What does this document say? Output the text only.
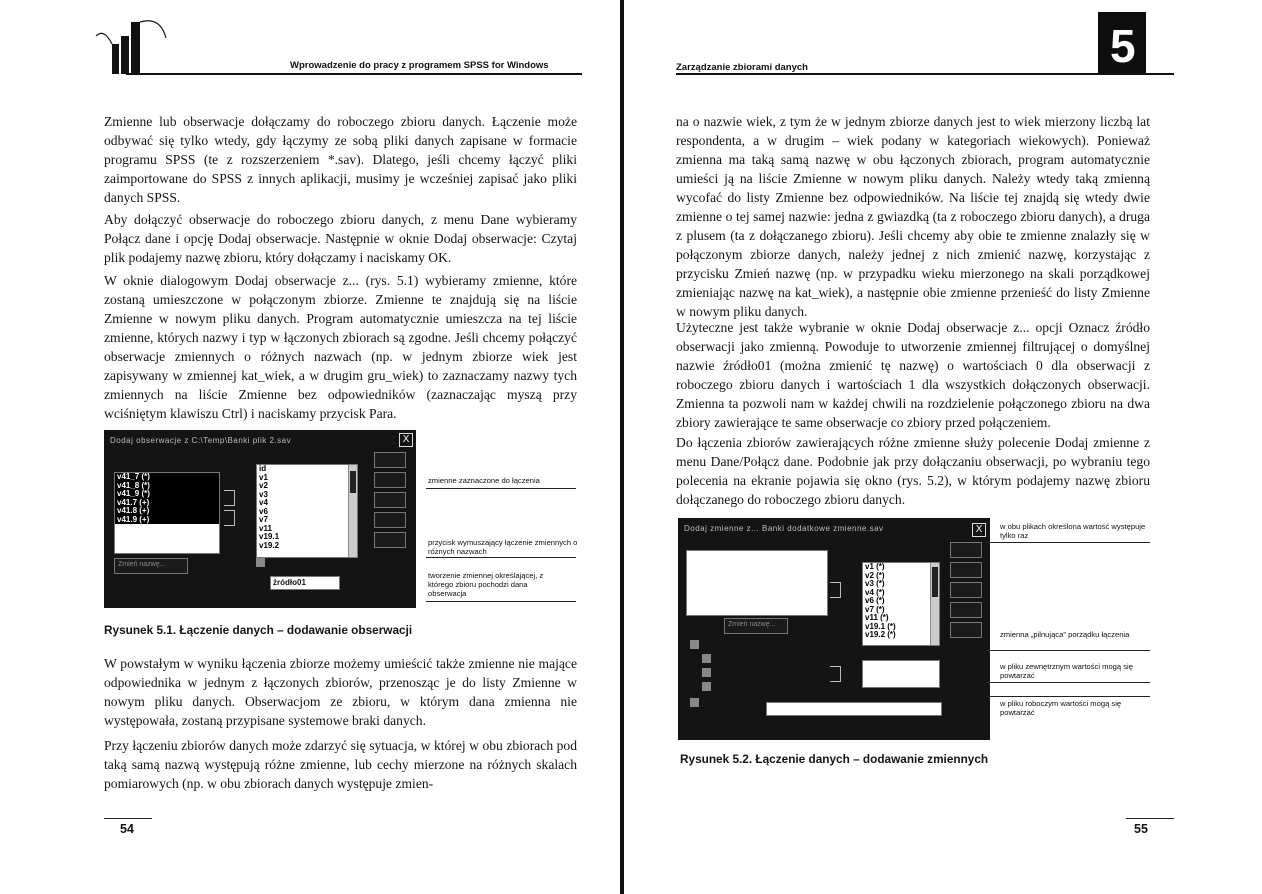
Wprowadzenie do pracy z programem SPSS for Windows

Zmienne lub obserwacje dołączamy do roboczego zbioru danych. Łączenie może odbywać się tylko wtedy, gdy łączymy ze sobą pliki danych zapisane w formacie programu SPSS (te z rozszerzeniem *.sav). Dlatego, jeśli chcemy łączyć pliki zaimportowane do SPSS z innych aplikacji, musimy je wcześniej zapisać jako pliki danych SPSS.

Aby dołączyć obserwacje do roboczego zbioru danych, z menu Dane wybieramy Połącz dane i opcję Dodaj obserwacje. Następnie w oknie Dodaj obserwacje: Czytaj plik podajemy nazwę zbioru, który dołączamy i naciskamy OK.

W oknie dialogowym Dodaj obserwacje z... (rys. 5.1) wybieramy zmienne, które zostaną umieszczone w połączonym zbiorze. Zmienne te znajdują się na liście Zmienne w nowym pliku danych. Program automatycznie umieszcza na tej liście zmienne, których nazwy i typ w łączonych zbiorach są zgodne. Jeśli chcemy połączyć obserwacje zmiennych o różnych nazwach (np. w jednym zbiorze wiek jest zapisywany w zmiennej kat_wiek, a w drugim gru_wiek) to zaznaczamy nazwy tych zmiennych na liście Zmienne bez odpowiedników (zaznaczając myszą przy wciśniętym klawiszu Ctrl) i naciskamy przycisk Para.

Dodaj obserwacje z C:\Temp\Banki plik 2.sav	X
v41_7 (*)
v41_8 (*)
v41_9 (*)
v41.7 (+)
v41.8 (+)
v41.9 (+)
id
v1
v2
v3
v4
v6
v7
v11
v19.1
v19.2
Zmień nazwę...
źródło01
zmienne zaznaczone do łączenia
przycisk wymuszający łączenie zmiennych o różnych nazwach
tworzenie zmiennej określającej, z którego zbioru pochodzi dana obserwacja
Rysunek 5.1. Łączenie danych – dodawanie obserwacji

W powstałym w wyniku łączenia zbiorze możemy umieścić także zmienne nie mające odpowiednika w jednym z łączonych zbiorów, przenosząc je do listy Zmienne w nowym pliku danych. Obserwacjom ze zbioru, w którym dana zmienna nie występowała, zostaną przypisane systemowe braki danych.

Przy łączeniu zbiorów danych może zdarzyć się sytuacja, w której w obu zbiorach pod taką samą nazwą występują różne zmienne, lub cechy mierzone na różnych skalach pomiarowych (np. w obu zbiorach danych występuje zmien-

54
Zarządzanie zbiorami danych	5

na o nazwie wiek, z tym że w jednym zbiorze danych jest to wiek mierzony liczbą lat respondenta, a w drugim – wiek podany w kategoriach wiekowych). Ponieważ zmienna ma taką samą nazwę w obu łączonych zbiorach, program automatycznie umieści ją na liście Zmienne w nowym pliku danych. Należy wtedy taką zmienną wycofać do listy Zmienne bez odpowiedników. Na liście tej znajdą się wtedy dwie zmienne o tej samej nazwie: jedna z gwiazdką (ta z roboczego zbioru danych), a druga z plusem (ta z dołączanego zbioru). Jeśli chcemy aby obie te zmienne znalazły się w połączonym zbiorze danych, należy jednej z nich zmienić nazwę, korzystając z przycisku Zmień nazwę (np. w przypadku wieku mierzonego na skali porządkowej zmieniając nazwę na kat_wiek), a następnie obie zmienne przenieść do listy Zmienne w nowym pliku danych.

Użyteczne jest także wybranie w oknie Dodaj obserwacje z... opcji Oznacz źródło obserwacji jako zmienną. Powoduje to utworzenie zmiennej filtrującej o domyślnej nazwie źródło01 (można zmienić tę nazwę) o wartościach 0 dla obserwacji z roboczego zbioru danych i wartościach 1 dla wszystkich dołączonych obserwacji. Zmienna ta pozwoli nam w każdej chwili na rozdzielenie połączonego zbioru na dwa zbiory zawierające te same obserwacje co zbiory przed połączeniem.

Do łączenia zbiorów zawierających różne zmienne służy polecenie Dodaj zmienne z menu Dane/Połącz dane. Podobnie jak przy dołączaniu obserwacji, po wybraniu tego polecenia na ekranie pojawia się okno (rys. 5.2), w którym podajemy nazwę zbioru dołączanego do roboczego zbioru danych.

Dodaj zmienne z... Banki dodatkowe zmienne.sav	X
v1 (*)
v2 (*)
v3 (*)
v4 (*)
v6 (*)
v7 (*)
v11 (*)
v19.1 (*)
v19.2 (*)
Zmień nazwę...
w obu plikach określona wartość występuje tylko raz
zmienna „pilnująca" porządku łączenia
w pliku zewnętrznym wartości mogą się powtarzać
w pliku roboczym wartości mogą się powtarzać
Rysunek 5.2. Łączenie danych – dodawanie zmiennych
55
